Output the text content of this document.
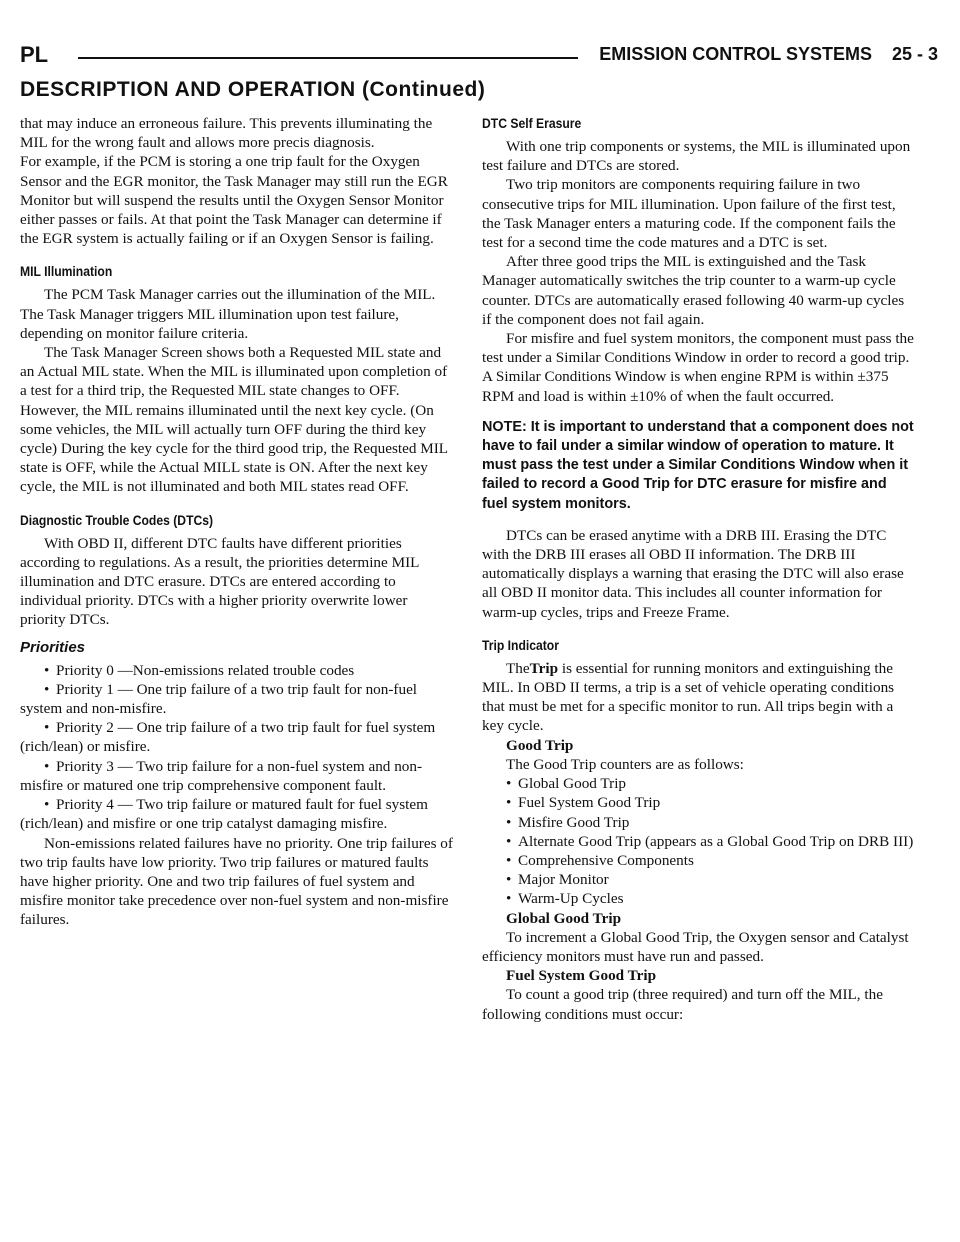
PL	EMISSION CONTROL SYSTEMS 25 - 3
DESCRIPTION AND OPERATION (Continued)

that may induce an erroneous failure. This prevents illuminating the MIL for the wrong fault and allows more precis diagnosis.

For example, if the PCM is storing a one trip fault for the Oxygen Sensor and the EGR monitor, the Task Manager may still run the EGR Monitor but will suspend the results until the Oxygen Sensor Monitor either passes or fails. At that point the Task Manager can determine if the EGR system is actually failing or if an Oxygen Sensor is failing.

MIL Illumination

The PCM Task Manager carries out the illumination of the MIL. The Task Manager triggers MIL illumination upon test failure, depending on monitor failure criteria.

The Task Manager Screen shows both a Requested MIL state and an Actual MIL state. When the MIL is illuminated upon completion of a test for a third trip, the Requested MIL state changes to OFF. However, the MIL remains illuminated until the next key cycle. (On some vehicles, the MIL will actually turn OFF during the third key cycle) During the key cycle for the third good trip, the Requested MIL state is OFF, while the Actual MILL state is ON. After the next key cycle, the MIL is not illuminated and both MIL states read OFF.

Diagnostic Trouble Codes (DTCs)

With OBD II, different DTC faults have different priorities according to regulations. As a result, the priorities determine MIL illumination and DTC erasure. DTCs are entered according to individual priority. DTCs with a higher priority overwrite lower priority DTCs.

Priorities

• Priority 0 —Non-emissions related trouble codes

• Priority 1 — One trip failure of a two trip fault for non-fuel system and non-misfire.

• Priority 2 — One trip failure of a two trip fault for fuel system (rich/lean) or misfire.

• Priority 3 — Two trip failure for a non-fuel system and non-misfire or matured one trip comprehensive component fault.

• Priority 4 — Two trip failure or matured fault for fuel system (rich/lean) and misfire or one trip catalyst damaging misfire.

Non-emissions related failures have no priority. One trip failures of two trip faults have low priority. Two trip failures or matured faults have higher priority. One and two trip failures of fuel system and misfire monitor take precedence over non-fuel system and non-misfire failures.

DTC Self Erasure

With one trip components or systems, the MIL is illuminated upon test failure and DTCs are stored.

Two trip monitors are components requiring failure in two consecutive trips for MIL illumination. Upon failure of the first test, the Task Manager enters a maturing code. If the component fails the test for a second time the code matures and a DTC is set.

After three good trips the MIL is extinguished and the Task Manager automatically switches the trip counter to a warm-up cycle counter. DTCs are automatically erased following 40 warm-up cycles if the component does not fail again.

For misfire and fuel system monitors, the component must pass the test under a Similar Conditions Window in order to record a good trip. A Similar Conditions Window is when engine RPM is within ±375 RPM and load is within ±10% of when the fault occurred.

NOTE: It is important to understand that a component does not have to fail under a similar window of operation to mature. It must pass the test under a Similar Conditions Window when it failed to record a Good Trip for DTC erasure for misfire and fuel system monitors.

DTCs can be erased anytime with a DRB III. Erasing the DTC with the DRB III erases all OBD II information. The DRB III automatically displays a warning that erasing the DTC will also erase all OBD II monitor data. This includes all counter information for warm-up cycles, trips and Freeze Frame.

Trip Indicator

TheTrip is essential for running monitors and extinguishing the MIL. In OBD II terms, a trip is a set of vehicle operating conditions that must be met for a specific monitor to run. All trips begin with a key cycle.

Good Trip

The Good Trip counters are as follows:

• Global Good Trip

• Fuel System Good Trip

• Misfire Good Trip

• Alternate Good Trip (appears as a Global Good Trip on DRB III)

• Comprehensive Components

• Major Monitor

• Warm-Up Cycles

Global Good Trip

To increment a Global Good Trip, the Oxygen sensor and Catalyst efficiency monitors must have run and passed.

Fuel System Good Trip

To count a good trip (three required) and turn off the MIL, the following conditions must occur:
